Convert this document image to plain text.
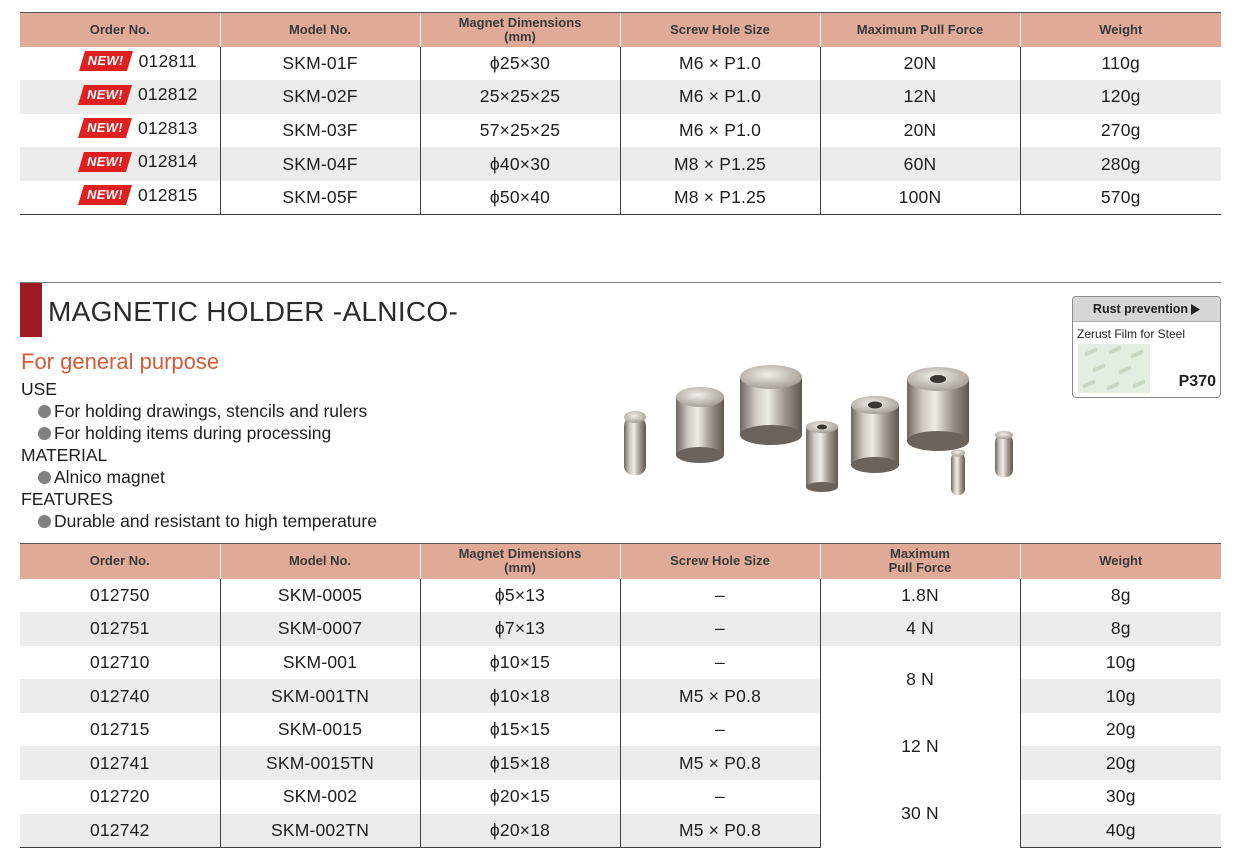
Order No.	Model No.	Magnet Dimensions
(mm)	Screw Hole Size	Maximum Pull Force	Weight

NEW! 012811	SKM-01F	ϕ25×30	M6 × P1.0	20N	110g

NEW! 012812	SKM-02F	25×25×25	M6 × P1.0	12N	120g

NEW! 012813	SKM-03F	57×25×25	M6 × P1.0	20N	270g

NEW! 012814	SKM-04F	ϕ40×30	M8 × P1.25	60N	280g

NEW! 012815	SKM-05F	ϕ50×40	M8 × P1.25	100N	570g
MAGNETIC HOLDER -ALNICO-
For general purpose
USE
For holding drawings, stencils and rulers
For holding items during processing
MATERIAL
Alnico magnet
FEATURES
Durable and resistant to high temperature
Rust prevention
Zerust Film for Steel
P370
Order No.	Model No.	Magnet Dimensions
(mm)	Screw Hole Size	Maximum
Pull Force	Weight
012750	SKM-0005	ϕ5×13	–	1.8N	8g
012751	SKM-0007	ϕ7×13	–	4 N	8g
012710	SKM-001	ϕ10×15	–	8 N	10g
012740	SKM-001TN	ϕ10×18	M5 × P0.8		10g
012715	SKM-0015	ϕ15×15	–	12 N	20g
012741	SKM-0015TN	ϕ15×18	M5 × P0.8		20g
012720	SKM-002	ϕ20×15	–	30 N	30g
012742	SKM-002TN	ϕ20×18	M5 × P0.8		40g
